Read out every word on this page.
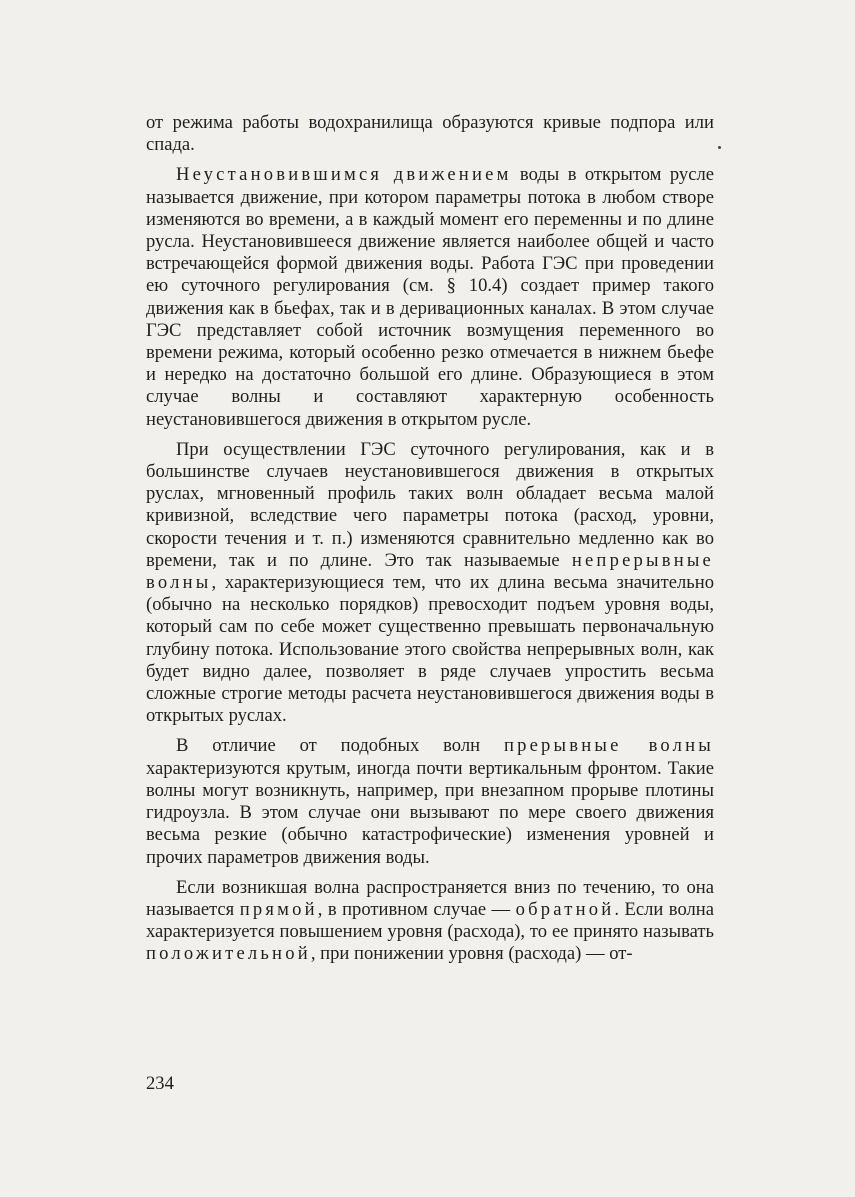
от режима работы водохранилища образуются кривые подпора или спада.

Неустановившимся движением воды в открытом русле называется движение, при котором параметры потока в любом створе изменяются во времени, а в каждый момент его переменны и по длине русла. Неустановившееся движение является наиболее общей и часто встречающейся формой движения воды. Работа ГЭС при проведении ею суточного регулирования (см. § 10.4) создает пример такого движения как в бьефах, так и в деривационных каналах. В этом случае ГЭС представляет собой источник возмущения переменного во времени режима, который особенно резко отмечается в нижнем бьефе и нередко на достаточно большой его длине. Образующиеся в этом случае волны и составляют характерную особенность неустановившегося движения в открытом русле.

При осуществлении ГЭС суточного регулирования, как и в большинстве случаев неустановившегося движения в открытых руслах, мгновенный профиль таких волн обладает весьма малой кривизной, вследствие чего параметры потока (расход, уровни, скорости течения и т. п.) изменяются сравнительно медленно как во времени, так и по длине. Это так называемые непрерывные волны, характеризующиеся тем, что их длина весьма значительно (обычно на несколько порядков) превосходит подъем уровня воды, который сам по себе может существенно превышать первоначальную глубину потока. Использование этого свойства непрерывных волн, как будет видно далее, позволяет в ряде случаев упростить весьма сложные строгие методы расчета неустановившегося движения воды в открытых руслах.

В отличие от подобных волн прерывные волны характеризуются крутым, иногда почти вертикальным фронтом. Такие волны могут возникнуть, например, при внезапном прорыве плотины гидроузла. В этом случае они вызывают по мере своего движения весьма резкие (обычно катастрофические) изменения уровней и прочих параметров движения воды.

Если возникшая волна распространяется вниз по течению, то она называется прямой, в противном случае — обратной. Если волна характеризуется повышением уровня (расхода), то ее принято называть положительной, при понижении уровня (расхода) — от-

234
